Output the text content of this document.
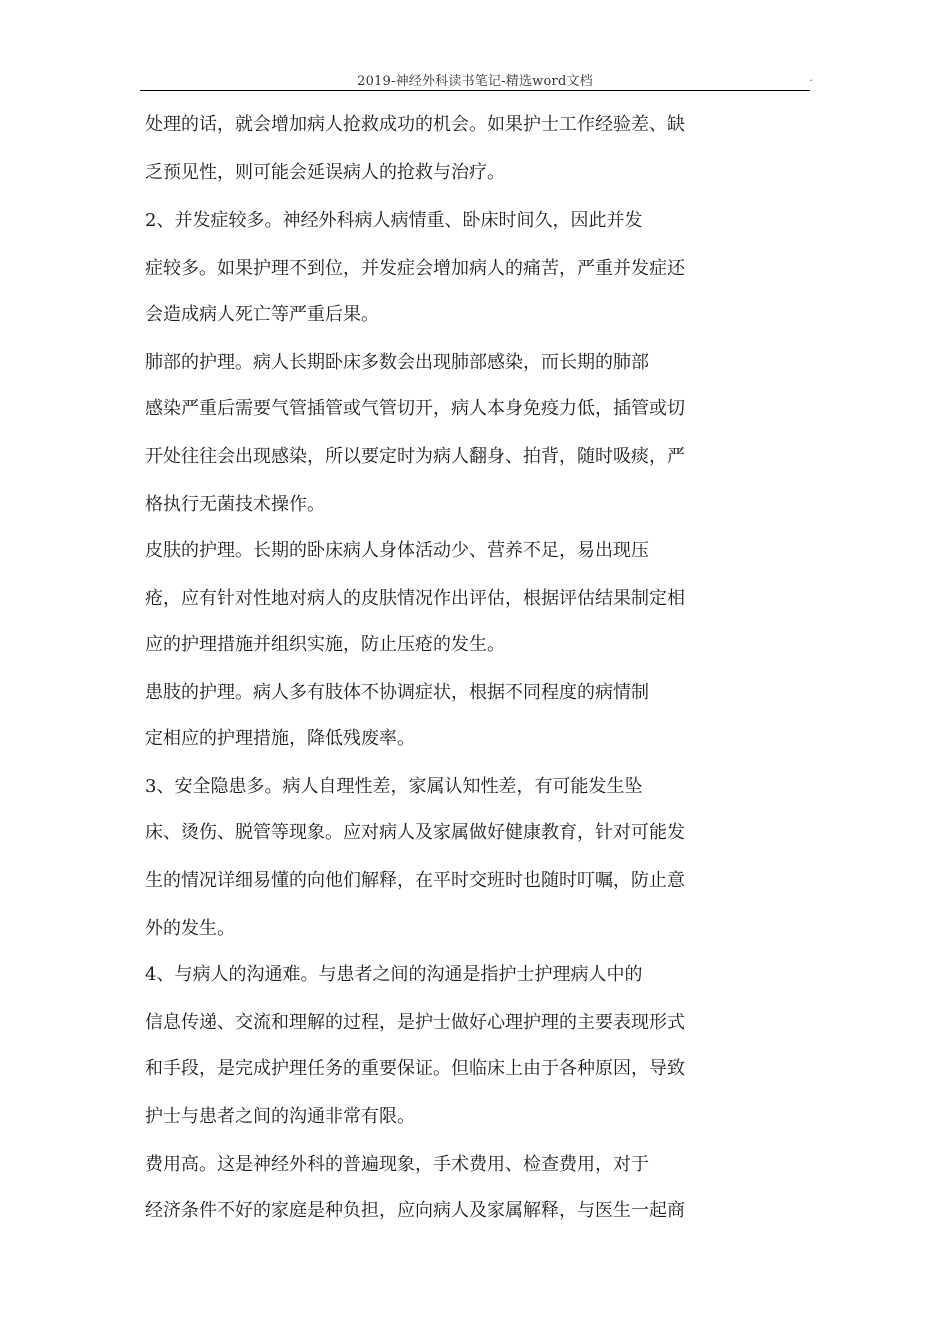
2019-神经外科读书笔记-精选word文档	·
处理的话，就会增加病人抢救成功的机会。如果护士工作经验差、缺
乏预见性，则可能会延误病人的抢救与治疗。
2、并发症较多。神经外科病人病情重、卧床时间久，因此并发
症较多。如果护理不到位，并发症会增加病人的痛苦，严重并发症还
会造成病人死亡等严重后果。
肺部的护理。病人长期卧床多数会出现肺部感染，而长期的肺部
感染严重后需要气管插管或气管切开，病人本身免疫力低，插管或切
开处往往会出现感染，所以要定时为病人翻身、拍背，随时吸痰，严
格执行无菌技术操作。
皮肤的护理。长期的卧床病人身体活动少、营养不足，易出现压
疮，应有针对性地对病人的皮肤情况作出评估，根据评估结果制定相
应的护理措施并组织实施，防止压疮的发生。
患肢的护理。病人多有肢体不协调症状，根据不同程度的病情制
定相应的护理措施，降低残废率。
3、安全隐患多。病人自理性差，家属认知性差，有可能发生坠
床、烫伤、脱管等现象。应对病人及家属做好健康教育，针对可能发
生的情况详细易懂的向他们解释，在平时交班时也随时叮嘱，防止意
外的发生。
4、与病人的沟通难。与患者之间的沟通是指护士护理病人中的
信息传递、交流和理解的过程，是护士做好心理护理的主要表现形式
和手段，是完成护理任务的重要保证。但临床上由于各种原因，导致
护士与患者之间的沟通非常有限。
费用高。这是神经外科的普遍现象，手术费用、检查费用，对于
经济条件不好的家庭是种负担，应向病人及家属解释，与医生一起商
